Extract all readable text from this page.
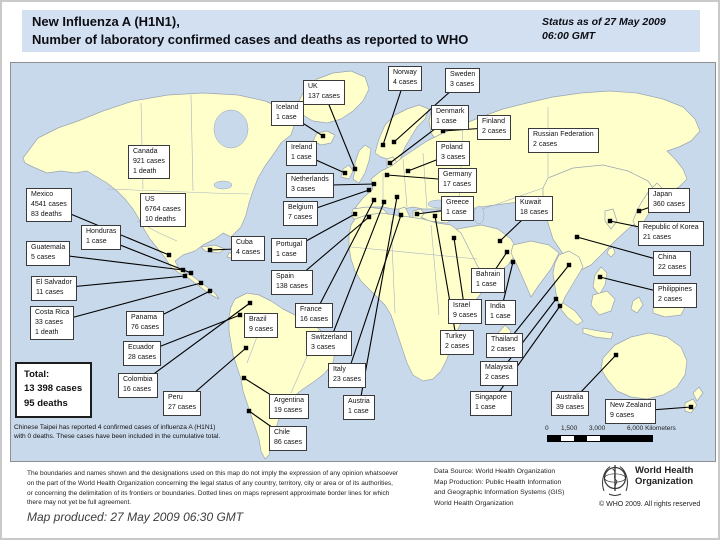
New Influenza A (H1N1),
Number of laboratory confirmed cases and deaths as reported to WHO
Status as of 27 May 2009
06:00 GMT
Canada
921 cases
1 death
US
6764 cases
10 deaths
Mexico
4541 cases
83 deaths
Honduras
1 case
Guatemala
5 cases
El Salvador
11 cases
Costa Rica
33 cases
1 death
Cuba
4 cases
Panama
76 cases
Ecuador
28 cases
Colombia
16 cases
Peru
27 cases
Brazil
9 cases
Argentina
19 cases
Chile
86 cases
Iceland
1 case
UK
137 cases
Ireland
1 case
Netherlands
3 cases
Belgium
7 cases
Portugal
1 case
Spain
138 cases
France
16 cases
Switzerland
3 cases
Italy
23 cases
Austria
1 case
Norway
4 cases
Sweden
3 cases
Denmark
1 case	Finland
2 cases
Poland
3 cases
Germany
17 cases
Greece
1 case
Russian Federation
2 cases
Kuwait
18 cases
Japan
360 cases
Republic of Korea
21 cases
China
22 cases
Philippines
2 cases
Bahrain
1 case
Israel
9 cases
India
1 case
Turkey
2 cases
Thailand
2 cases
Malaysia
2 cases
Singapore
1 case
Australia
39 cases	New Zealand
9 cases
Total:
13 398 cases
95 deaths
Chinese Taipei has reported 4 confirmed cases of influenza A (H1N1) with 0 deaths. These cases have been included in the cumulative total.
0 1,500 3,000	6,000 Kilometers
The boundaries and names shown and the designations used on this map do not imply the expression of any opinion whatsoever on the part of the World Health Organization concerning the legal status of any country, territory, city or area or of its authorities, or concerning the delimitation of its frontiers or boundaries. Dotted lines on maps represent approximate border lines for which there may not yet be full agreement.
Data Source: World Health Organization
Map Production: Public Health Information
and Geographic Information Systems (GIS)
World Health Organization
World Health
Organization
© WHO 2009. All rights reserved
Map produced: 27 May 2009 06:30 GMT
